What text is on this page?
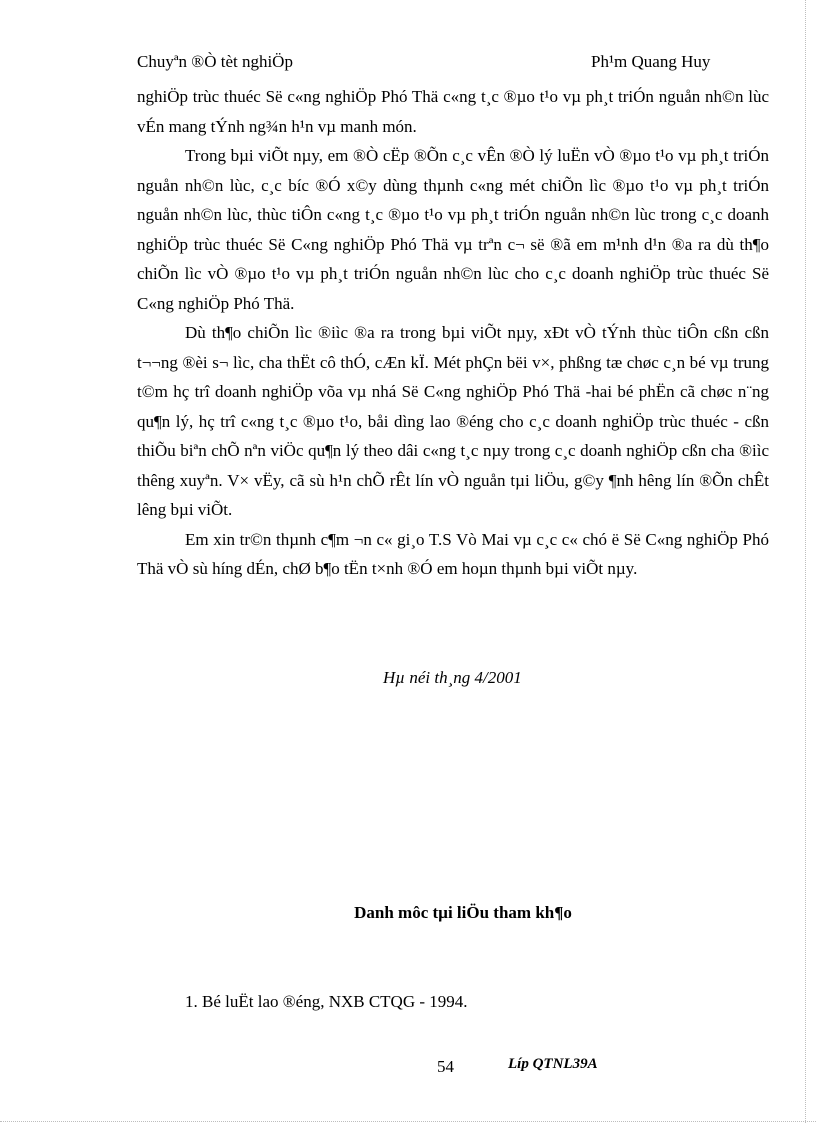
Chuyªn ®Ò tèt nghiÖp	Ph¹m Quang Huy

nghiÖp trùc thuéc Së c«ng nghiÖp Phó Thä c«ng t¸c ®µo t¹o vµ ph¸t triÓn nguån nh©n lùc vÉn mang tÝnh ng¾n h¹n vµ manh món.

Trong bµi viÕt nµy, em ®Ò cËp ®Õn c¸c vÊn ®Ò lý luËn vÒ ®µo t¹o vµ ph¸t triÓn nguån nh©n lùc, c¸c bíc ®Ó x©y dùng thµnh c«ng mét chiÕn lìc ®µo t¹o vµ ph¸t triÓn nguån nh©n lùc, thùc tiÔn c«ng t¸c ®µo t¹o vµ ph¸t triÓn nguån nh©n lùc trong c¸c doanh nghiÖp trùc thuéc Së C«ng nghiÖp Phó Thä vµ trªn c¬ së ®ã em m¹nh d¹n ®a ra dù th¶o chiÕn lìc vÒ ®µo t¹o vµ ph¸t triÓn nguån nh©n lùc cho c¸c doanh nghiÖp trùc thuéc Së C«ng nghiÖp Phó Thä.

Dù th¶o chiÕn lìc ®iìc ®a ra trong bµi viÕt nµy, xÐt vÒ tÝnh thùc tiÔn cßn cßn t¬¬ng ®èi s¬ lìc, cha thËt cô thÓ, cÆn kÏ. Mét phÇn bëi v×, phßng tæ chøc c¸n bé vµ trung t©m hç trî doanh nghiÖp võa vµ nhá Së C«ng nghiÖp Phó Thä -hai bé phËn cã chøc n¨ng qu¶n lý, hç trî c«ng t¸c ®µo t¹o, båi dìng lao ®éng cho c¸c doanh nghiÖp trùc thuéc - cßn thiÕu biªn chÕ nªn viÖc qu¶n lý theo dâi c«ng t¸c nµy trong c¸c doanh nghiÖp cßn cha ®iìc thêng xuyªn. V× vËy, cã sù h¹n chÕ rÊt lín vÒ nguån tµi liÖu, g©y ¶nh hêng lín ®Õn chÊt lêng bµi viÕt.

Em xin tr©n thµnh c¶m ¬n c« gi¸o T.S Vò Mai vµ c¸c c« chó ë Së C«ng nghiÖp Phó Thä vÒ sù híng dÉn, chØ b¶o tËn t×nh ®Ó em hoµn thµnh bµi viÕt nµy.

Hµ néi th¸ng 4/2001
Danh môc tµi liÖu tham kh¶o
1. Bé luËt lao ®éng, NXB CTQG - 1994.
54	Líp QTNL39A
